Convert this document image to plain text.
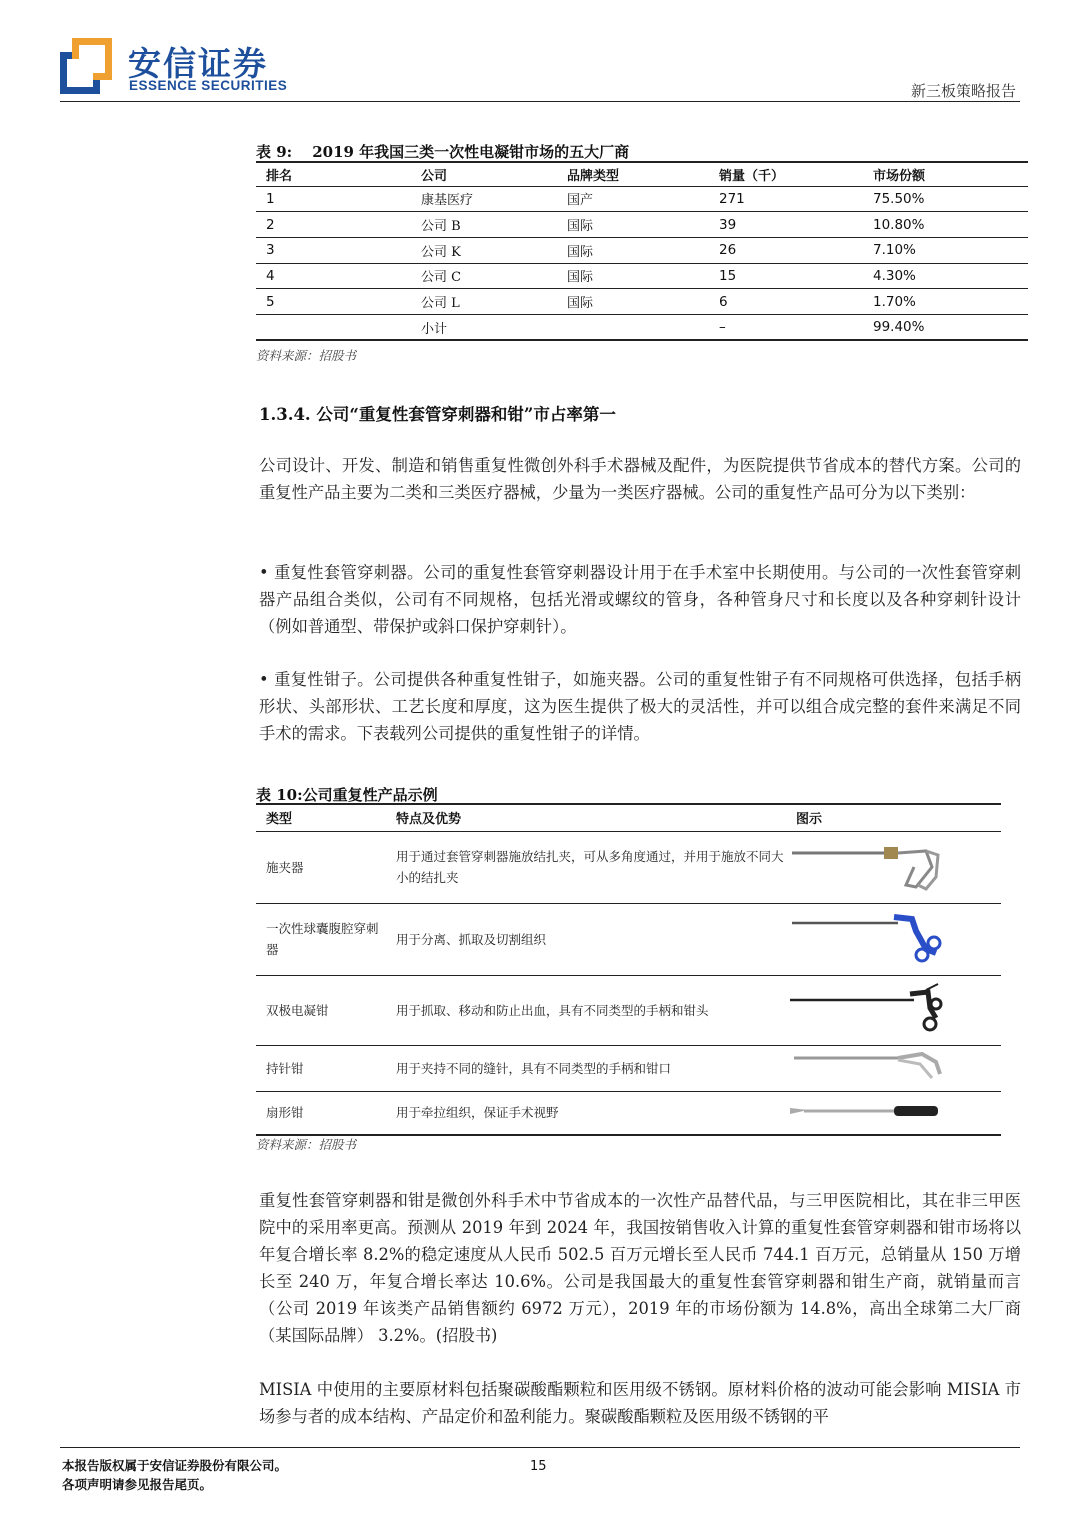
安信证券
ESSENCE SECURITIES	新三板策略报告
表 9: 2019 年我国三类一次性电凝钳市场的五大厂商
排名	公司	品牌类型	销量（千）	市场份额
1	康基医疗	国产	271	75.50%
2	公司 B	国际	39	10.80%
3	公司 K	国际	26	7.10%
4	公司 C	国际	15	4.30%
5	公司 L	国际	6	1.70%
	小计		–	99.40%
资料来源：招股书
1.3.4. 公司“重复性套管穿刺器和钳”市占率第一
公司设计、开发、制造和销售重复性微创外科手术器械及配件，为医院提供节省成本的替代方案。公司的重复性产品主要为二类和三类医疗器械，少量为一类医疗器械。公司的重复性产品可分为以下类别：
• 重复性套管穿刺器。公司的重复性套管穿刺器设计用于在手术室中长期使用。与公司的一次性套管穿刺器产品组合类似，公司有不同规格，包括光滑或螺纹的管身，各种管身尺寸和长度以及各种穿刺针设计（例如普通型、带保护或斜口保护穿刺针）。
• 重复性钳子。公司提供各种重复性钳子，如施夹器。公司的重复性钳子有不同规格可供选择，包括手柄形状、头部形状、工艺长度和厚度，这为医生提供了极大的灵活性，并可以组合成完整的套件来满足不同手术的需求。下表载列公司提供的重复性钳子的详情。
表 10:公司重复性产品示例
类型	特点及优势	图示
施夹器	用于通过套管穿刺器施放结扎夹，可从多角度通过，并用于施放不同大小的结扎夹	

一次性球囊腹腔穿刺器	用于分离、抓取及切割组织	

双极电凝钳	用于抓取、移动和防止出血，具有不同类型的手柄和钳头	

持针钳	用于夹持不同的缝针，具有不同类型的手柄和钳口	

扇形钳	用于牵拉组织，保证手术视野	
资料来源：招股书
重复性套管穿刺器和钳是微创外科手术中节省成本的一次性产品替代品，与三甲医院相比，其在非三甲医院中的采用率更高。预测从 2019 年到 2024 年，我国按销售收入计算的重复性套管穿刺器和钳市场将以年复合增长率 8.2%的稳定速度从人民币 502.5 百万元增长至人民币 744.1 百万元，总销量从 150 万增长至 240 万，年复合增长率达 10.6%。公司是我国最大的重复性套管穿刺器和钳生产商，就销量而言（公司 2019 年该类产品销售额约 6972 万元），2019 年的市场份额为 14.8%，高出全球第二大厂商（某国际品牌） 3.2%。(招股书)
MISIA 中使用的主要原材料包括聚碳酸酯颗粒和医用级不锈钢。原材料价格的波动可能会影响 MISIA 市场参与者的成本结构、产品定价和盈利能力。聚碳酸酯颗粒及医用级不锈钢的平
本报告版权属于安信证券股份有限公司。
各项声明请参见报告尾页。
15
